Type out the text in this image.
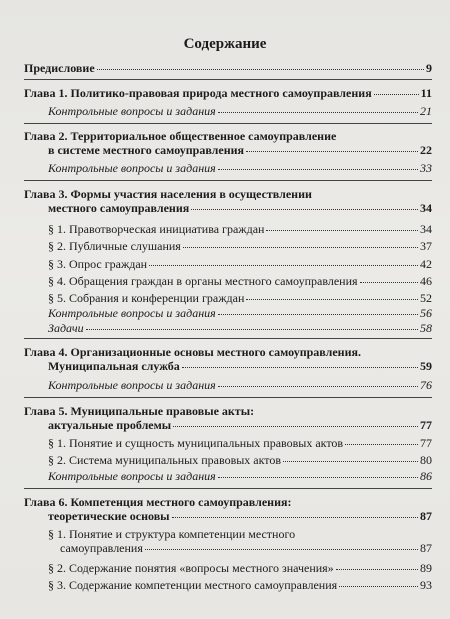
Содержание
Предисловие	9
Глава 1. Политико-правовая природа местного самоуправления	11
Контрольные вопросы и задания	21
Глава 2. Территориальное общественное самоуправление
в системе местного самоуправления	22
Контрольные вопросы и задания	33
Глава 3. Формы участия населения в осуществлении
местного самоуправления	34
§ 1. Правотворческая инициатива граждан	34
§ 2. Публичные слушания	37
§ 3. Опрос граждан	42
§ 4. Обращения граждан в органы местного самоуправления	46
§ 5. Собрания и конференции граждан	52
Контрольные вопросы и задания	56
Задачи	58
Глава 4. Организационные основы местного самоуправления.
Муниципальная служба	59
Контрольные вопросы и задания	76
Глава 5. Муниципальные правовые акты:
актуальные проблемы	77
§ 1. Понятие и сущность муниципальных правовых актов	77
§ 2. Система муниципальных правовых актов	80
Контрольные вопросы и задания	86
Глава 6. Компетенция местного самоуправления:
теоретические основы	87
§ 1. Понятие и структура компетенции местного
самоуправления	87
§ 2. Содержание понятия «вопросы местного значения»	89
§ 3. Содержание компетенции местного самоуправления	93
